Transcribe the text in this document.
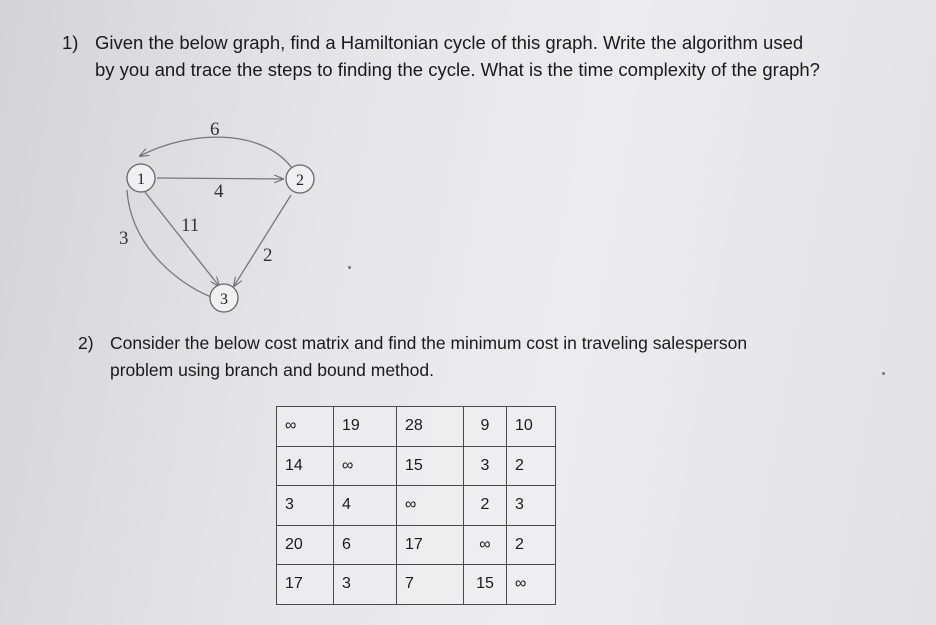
1) Given the below graph, find a Hamiltonian cycle of this graph. Write the algorithm used
by you and trace the steps to finding the cycle. What is the time complexity of the graph?
1	2
3
6
4
3
11
2
2) Consider the below cost matrix and find the minimum cost in traveling salesperson
problem using branch and bound method.
∞	19	28	9	10
14	∞	15	3	2
3	4	∞	2	3
20	6	17	∞	2
17	3	7	15	∞
